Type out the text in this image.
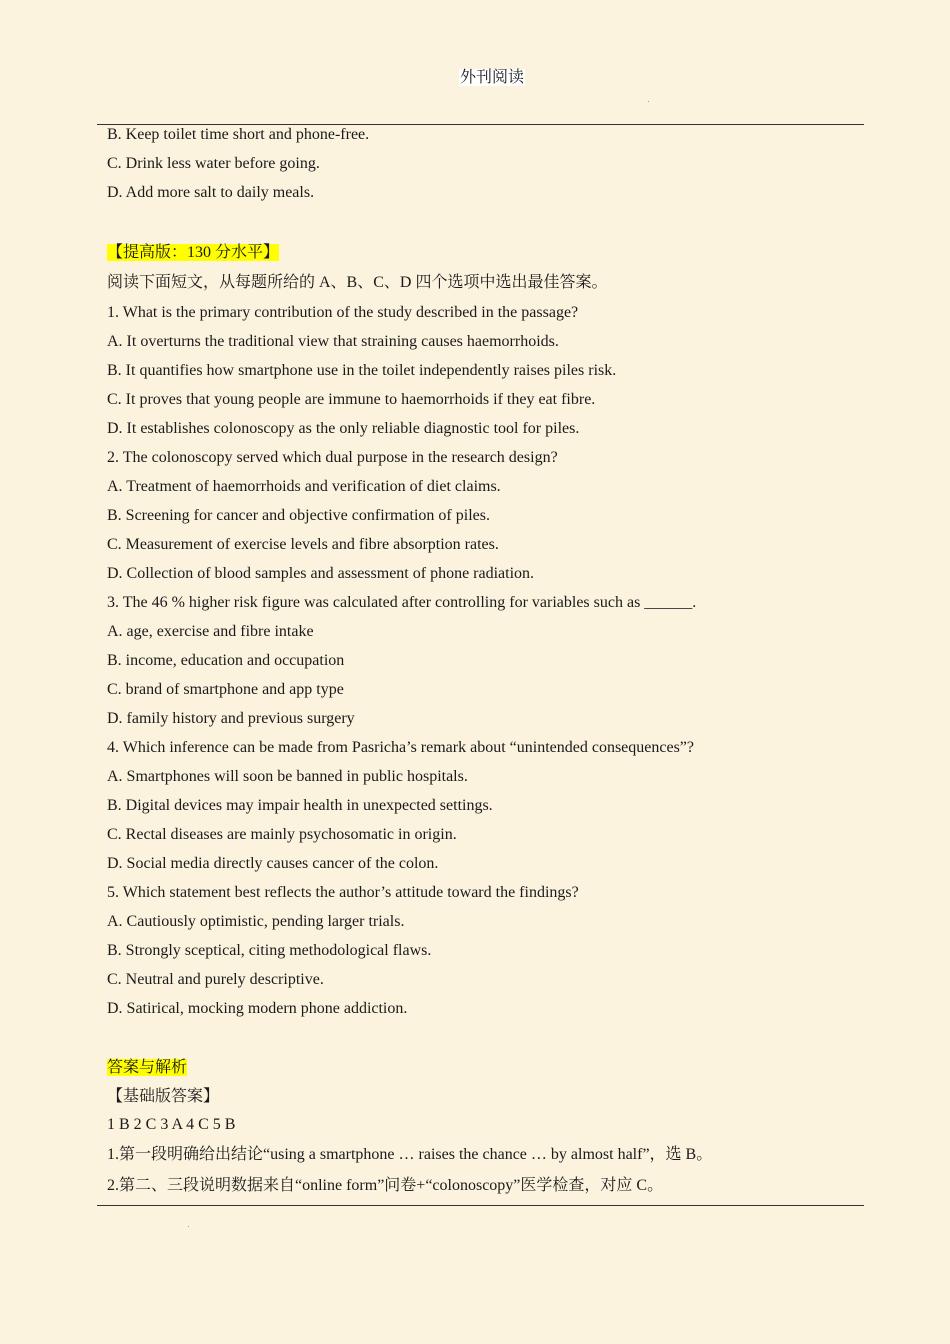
外刊阅读
B. Keep toilet time short and phone-free.
C. Drink less water before going.
D. Add more salt to daily meals.
【提高版：130 分水平】
阅读下面短文，从每题所给的 A、B、C、D 四个选项中选出最佳答案。
1. What is the primary contribution of the study described in the passage?
A. It overturns the traditional view that straining causes haemorrhoids.
B. It quantifies how smartphone use in the toilet independently raises piles risk.
C. It proves that young people are immune to haemorrhoids if they eat fibre.
D. It establishes colonoscopy as the only reliable diagnostic tool for piles.
2. The colonoscopy served which dual purpose in the research design?
A. Treatment of haemorrhoids and verification of diet claims.
B. Screening for cancer and objective confirmation of piles.
C. Measurement of exercise levels and fibre absorption rates.
D. Collection of blood samples and assessment of phone radiation.
3. The 46 % higher risk figure was calculated after controlling for variables such as ______.
A. age, exercise and fibre intake
B. income, education and occupation
C. brand of smartphone and app type
D. family history and previous surgery
4. Which inference can be made from Pasricha’s remark about “unintended consequences”?
A. Smartphones will soon be banned in public hospitals.
B. Digital devices may impair health in unexpected settings.
C. Rectal diseases are mainly psychosomatic in origin.
D. Social media directly causes cancer of the colon.
5. Which statement best reflects the author’s attitude toward the findings?
A. Cautiously optimistic, pending larger trials.
B. Strongly sceptical, citing methodological flaws.
C. Neutral and purely descriptive.
D. Satirical, mocking modern phone addiction.
答案与解析
【基础版答案】
1 B 2 C 3 A 4 C 5 B
1.第一段明确给出结论“using a smartphone … raises the chance … by almost half”，选 B。
2.第二、三段说明数据来自“online form”问卷+“colonoscopy”医学检查，对应 C。
